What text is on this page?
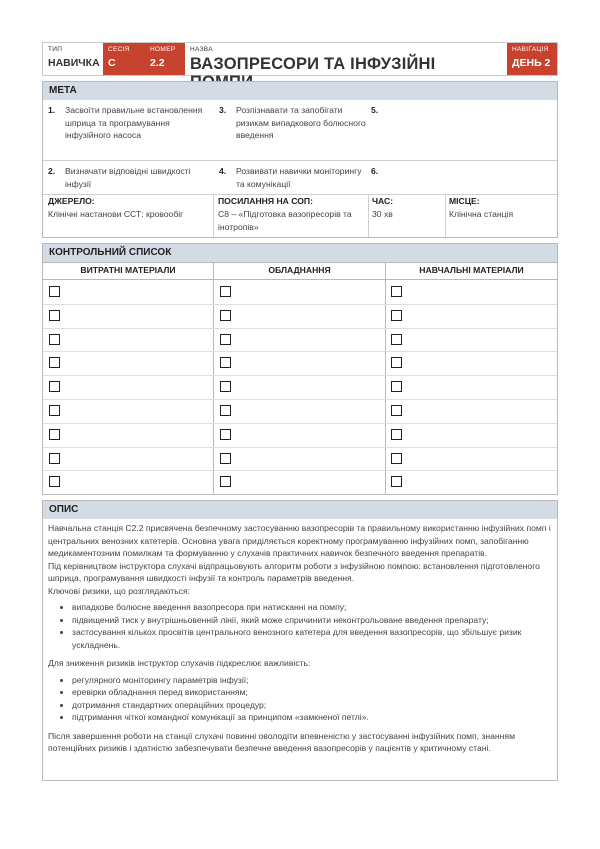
ТИП
НАВИЧКА
СЕСІЯ
C
НОМЕР
2.2
НАЗВА
ВАЗОПРЕСОРИ ТА ІНФУЗІЙНІ
НАВІГАЦІЯ
ДЕНЬ 2
МЕТА
1. Засвоїти правильне встановлення шприца та програмування інфузійного насоса
3. Розпізнавати та запобігати ризикам випадкового болюсного введення
5.
2. Визначати відповідні швидкості інфузії
4. Розвивати навички моніторингу та комунікації
6.
ДЖЕРЕЛО:
Клінічні настанови ССТ: кровообіг
ПОСИЛАННЯ НА СОП:
C8 – «Підготовка вазопресорів та інотропів»
ЧАС:
30 хв
МІСЦЕ:
Клінічна станція
КОНТРОЛЬНИЙ СПИСОК
ВИТРАТНІ МАТЕРІАЛИ	ОБЛАДНАННЯ	НАВЧАЛЬНІ МАТЕРІАЛИ
ОПИС

Навчальна станція C2.2 присвячена безпечному застосуванню вазопресорів та правильному використанню інфузійних помп і центральних венозних катетерів. Основна увага приділяється коректному програмуванню інфузійних помп, запобіганню медикаментозним помилкам та формуванню у слухачів практичних навичок безпечного введення препаратів.

Під керівництвом інструктора слухачі відпрацьовують алгоритм роботи з інфузійною помпою: встановлення підготовленого шприца, програмування швидкості інфузії та контроль параметрів введення.

Ключові ризики, що розглядаються:

• випадкове болюсне введення вазопресора при натисканні на помпу;
• підвищений тиск у внутрішньовенній лінії, який може спричинити неконтрольоване введення препарату;
• застосування кількох просвітів центрального венозного катетера для введення вазопресорів, що збільшує ризик ускладнень.

Для зниження ризиків інструктор слухачів підкреслює важливість:

• регулярного моніторингу параметрів інфузії;
• еревірки обладнання перед використанням;
• дотримання стандартних операційних процедур;
• підтримання чіткої командної комунікації за принципом «замкненої петлі».

Після завершення роботи на станції слухачі повинні оволодіти впевненістю у застосуванні інфузійних помп, знанням потенційних ризиків і здатністю забезпечувати безпечне введення вазопресорів у пацієнтів у критичному стані.
